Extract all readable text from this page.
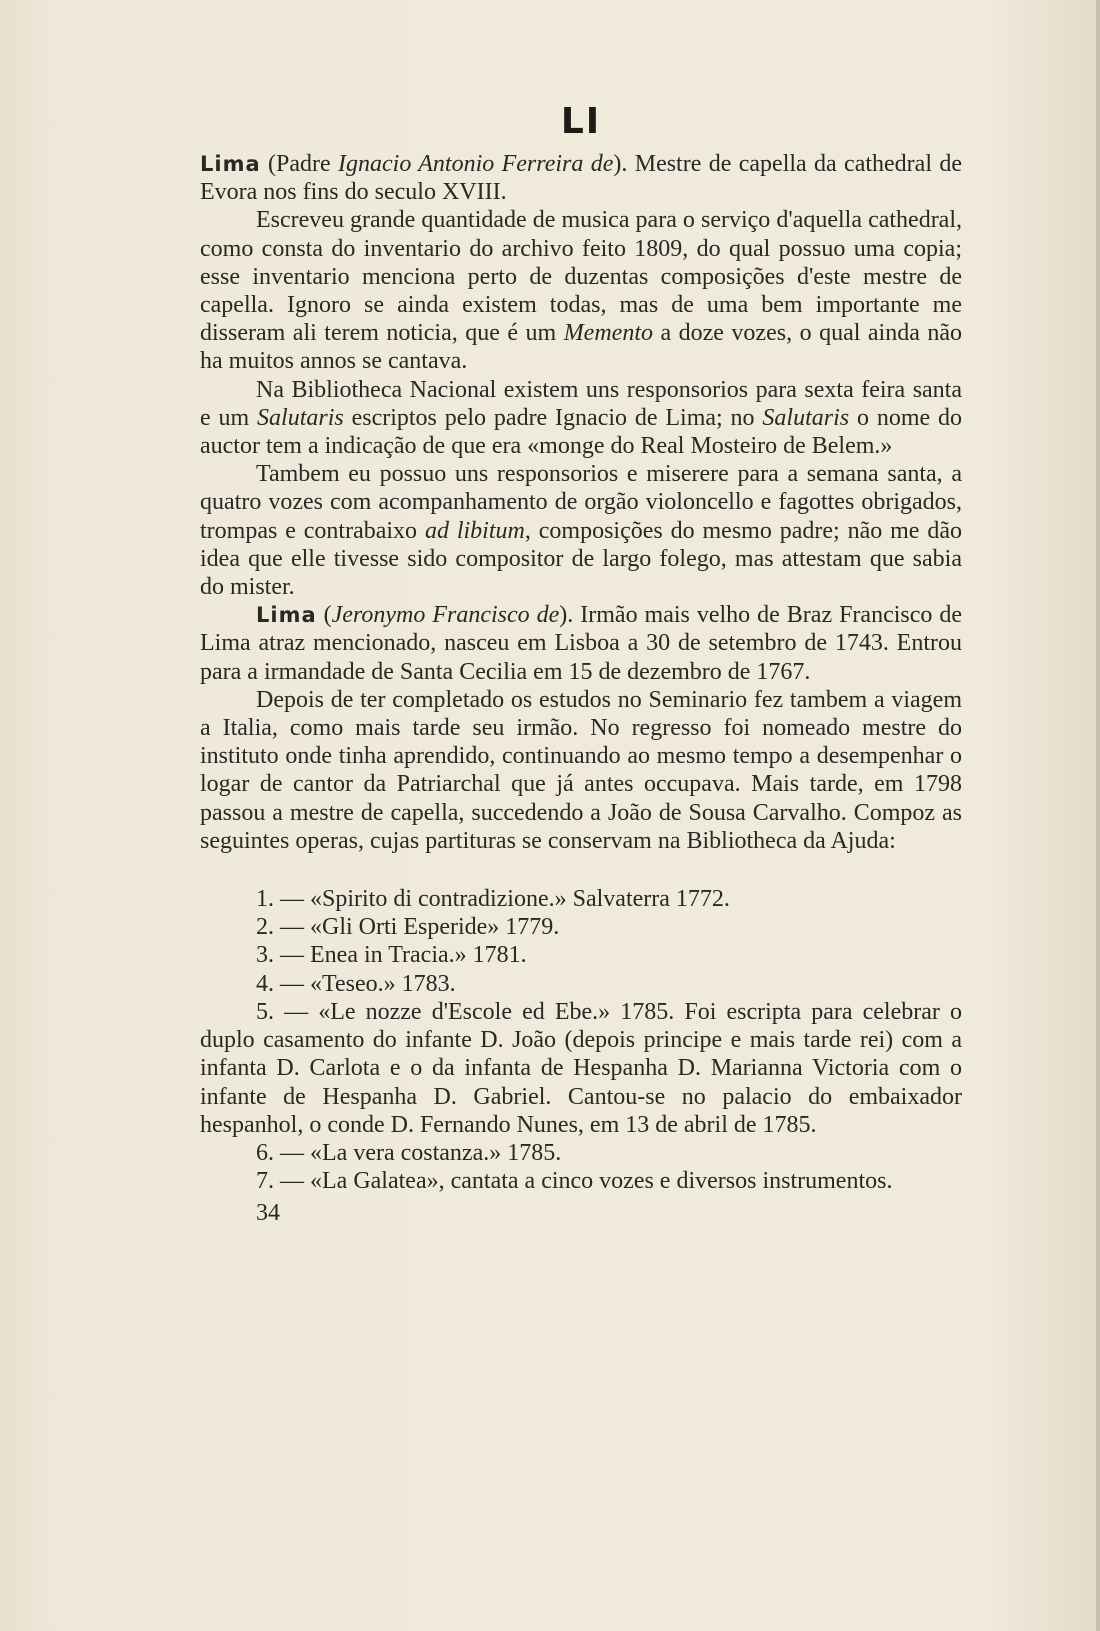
LI

Lima (Padre Ignacio Antonio Ferreira de). Mestre de capella da cathedral de Evora nos fins do seculo XVIII.

Escreveu grande quantidade de musica para o serviço d'aquella cathedral, como consta do inventario do archivo feito 1809, do qual possuo uma copia; esse inventario menciona perto de duzentas composições d'este mestre de capella. Ignoro se ainda existem todas, mas de uma bem importante me disseram ali terem noticia, que é um Memento a doze vozes, o qual ainda não ha muitos annos se cantava.

Na Bibliotheca Nacional existem uns responsorios para sexta feira santa e um Salutaris escriptos pelo padre Ignacio de Lima; no Salutaris o nome do auctor tem a indicação de que era «monge do Real Mosteiro de Belem.»

Tambem eu possuo uns responsorios e miserere para a semana santa, a quatro vozes com acompanhamento de orgão violoncello e fagottes obrigados, trompas e contrabaixo ad libitum, composições do mesmo padre; não me dão idea que elle tivesse sido compositor de largo folego, mas attestam que sabia do mister.

Lima (Jeronymo Francisco de). Irmão mais velho de Braz Francisco de Lima atraz mencionado, nasceu em Lisboa a 30 de setembro de 1743. Entrou para a irmandade de Santa Cecilia em 15 de dezembro de 1767.

Depois de ter completado os estudos no Seminario fez tambem a viagem a Italia, como mais tarde seu irmão. No regresso foi nomeado mestre do instituto onde tinha aprendido, continuando ao mesmo tempo a desempenhar o logar de cantor da Patriarchal que já antes occupava. Mais tarde, em 1798 passou a mestre de capella, succedendo a João de Sousa Carvalho. Compoz as seguintes operas, cujas partituras se conservam na Bibliotheca da Ajuda:

1. — «Spirito di contradizione.» Salvaterra 1772.

2. — «Gli Orti Esperide» 1779.

3. — Enea in Tracia.» 1781.

4. — «Teseo.» 1783.

5. — «Le nozze d'Escole ed Ebe.» 1785. Foi escripta para celebrar o duplo casamento do infante D. João (depois principe e mais tarde rei) com a infanta D. Carlota e o da infanta de Hespanha D. Marianna Victoria com o infante de Hespanha D. Gabriel. Cantou-se no palacio do embaixador hespanhol, o conde D. Fernando Nunes, em 13 de abril de 1785.

6. — «La vera costanza.» 1785.

7. — «La Galatea», cantata a cinco vozes e diversos instrumentos.

34
